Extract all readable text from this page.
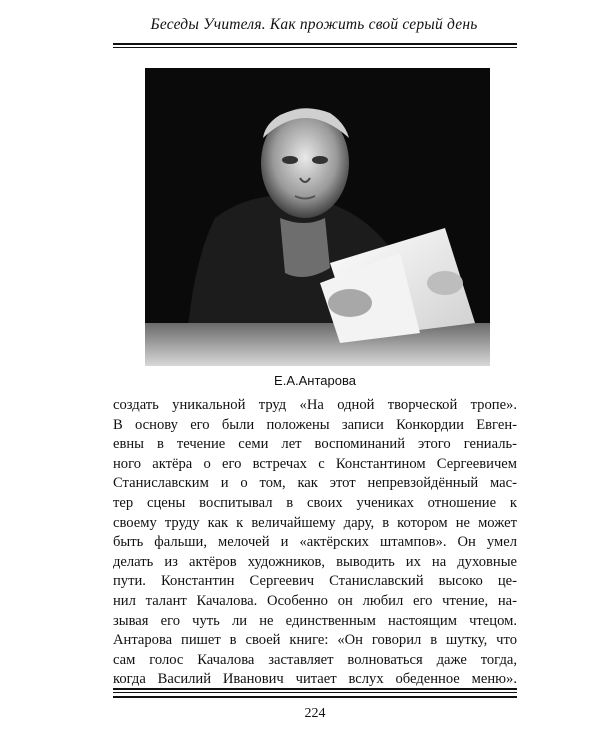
Беседы Учителя. Как прожить свой серый день
Е.А.Антарова
создать уникальной труд «На одной творческой тропе».
В основу его были положены записи Конкордии Евген-
евны в течение семи лет воспоминаний этого гениаль-
ного актёра о его встречах с Константином Сергеевичем
Станиславским и о том, как этот непревзойдённый мас-
тер сцены воспитывал в своих учениках отношение к
своему труду как к величайшему дару, в котором не может
быть фальши, мелочей и «актёрских штампов». Он умел
делать из актёров художников, выводить их на духовные
пути. Константин Сергеевич Станиславский высоко це-
нил талант Качалова. Особенно он любил его чтение, на-
зывая его чуть ли не единственным настоящим чтецом.
Антарова пишет в своей книге: «Он говорил в шутку, что
сам голос Качалова заставляет волноваться даже тогда,
когда Василий Иванович читает вслух обеденное меню».
224
